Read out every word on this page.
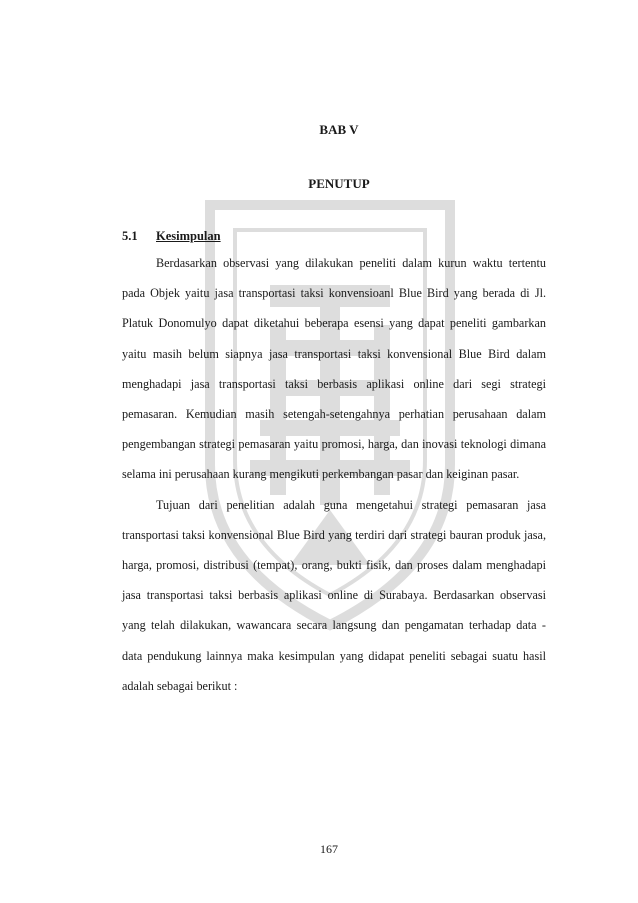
BAB V
PENUTUP
5.1 Kesimpulan

Berdasarkan observasi yang dilakukan peneliti dalam kurun waktu tertentu pada Objek yaitu jasa transportasi taksi konvensioanl Blue Bird yang berada di Jl. Platuk Donomulyo dapat diketahui beberapa esensi yang dapat peneliti gambarkan yaitu masih belum siapnya jasa transportasi taksi konvensional Blue Bird dalam menghadapi jasa transportasi taksi berbasis aplikasi online dari segi strategi pemasaran. Kemudian masih setengah-setengahnya perhatian perusahaan dalam pengembangan strategi pemasaran yaitu promosi, harga, dan inovasi teknologi dimana selama ini perusahaan kurang mengikuti perkembangan pasar dan keiginan pasar.

Tujuan dari penelitian adalah guna mengetahui strategi pemasaran jasa transportasi taksi konvensional Blue Bird yang terdiri dari strategi bauran produk jasa, harga, promosi, distribusi (tempat), orang, bukti fisik, dan proses dalam menghadapi jasa transportasi taksi berbasis aplikasi online di Surabaya. Berdasarkan observasi yang telah dilakukan, wawancara secara langsung dan pengamatan terhadap data - data pendukung lainnya maka kesimpulan yang didapat peneliti sebagai suatu hasil adalah sebagai berikut :

167
